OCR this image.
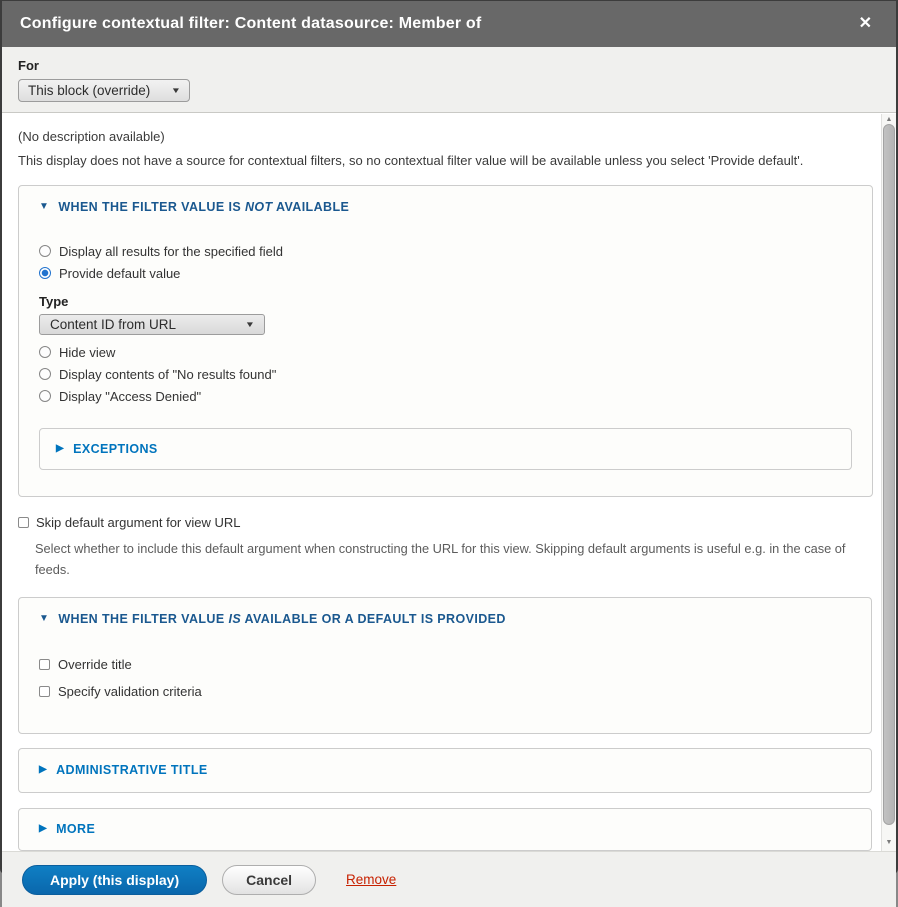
Configure contextual filter: Content datasource: Member of	✕
For
This block (override)	▼

(No description available)

This display does not have a source for contextual filters, so no contextual filter value will be available unless you select 'Provide default'.

▼ WHEN THE FILTER VALUE IS NOT AVAILABLE
Display all results for the specified field
Provide default value
Type
Content ID from URL	▼
Hide view
Display contents of "No results found"
Display "Access Denied"
▶ EXCEPTIONS
Skip default argument for view URL

Select whether to include this default argument when constructing the URL for this view. Skipping default arguments is useful e.g. in the case of feeds.

▼ WHEN THE FILTER VALUE IS AVAILABLE OR A DEFAULT IS PROVIDED
Override title
Specify validation criteria
▶ ADMINISTRATIVE TITLE
▶ MORE
▲
▼
Apply (this display)	Cancel	Remove
